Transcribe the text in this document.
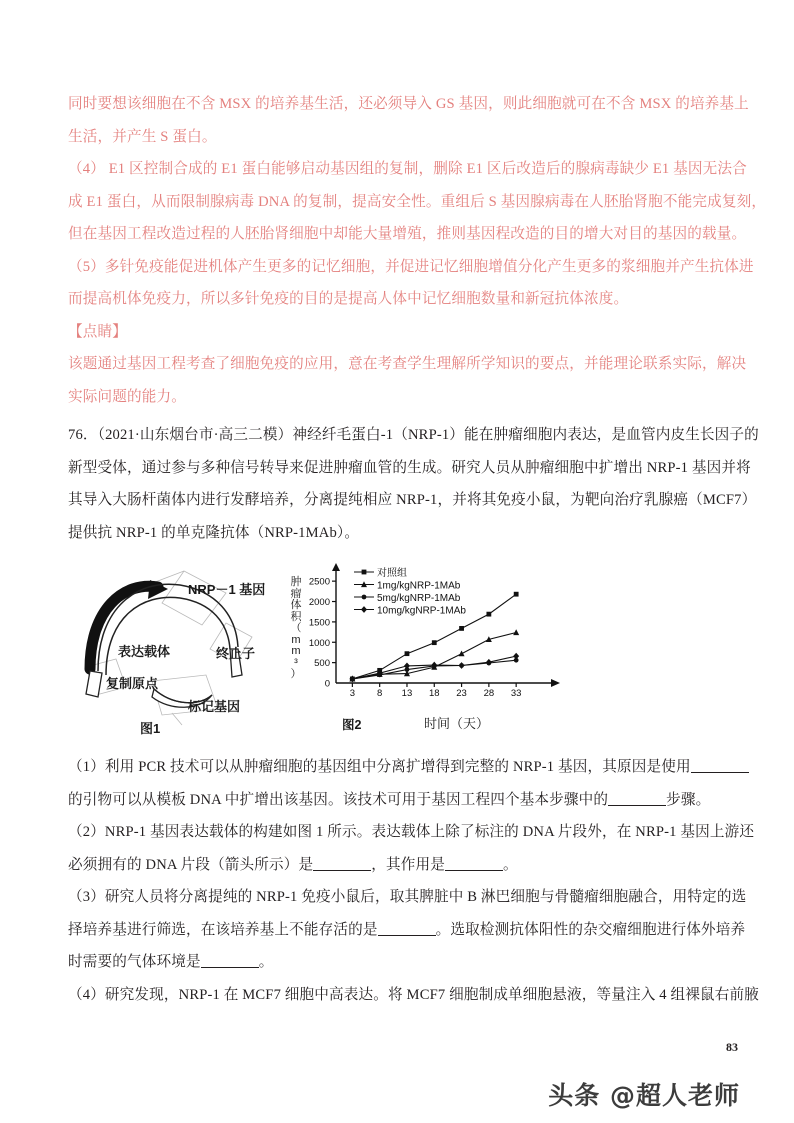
同时要想该细胞在不含 MSX 的培养基生活，还必须导入 GS 基因，则此细胞就可在不含 MSX 的培养基上

生活，并产生 S 蛋白。

（4） E1 区控制合成的 E1 蛋白能够启动基因组的复制，删除 E1 区后改造后的腺病毒缺少 E1 基因无法合

成 E1 蛋白，从而限制腺病毒 DNA 的复制，提高安全性。重组后 S 基因腺病毒在人胚胎肾胞不能完成复刻，

但在基因工程改造过程的人胚胎肾细胞中却能大量增殖，推则基因程改造的目的增大对目的基因的载量。

（5）多针免疫能促进机体产生更多的记忆细胞，并促进记忆细胞增值分化产生更多的浆细胞并产生抗体进

而提高机体免疫力，所以多针免疫的目的是提高人体中记忆细胞数量和新冠抗体浓度。

【点睛】

该题通过基因工程考查了细胞免疫的应用，意在考查学生理解所学知识的要点，并能理论联系实际，解决

实际问题的能力。

76．（2021·山东烟台市·高三二模）神经纤毛蛋白-1（NRP-1）能在肿瘤细胞内表达，是血管内皮生长因子的

新型受体，通过参与多种信号转导来促进肿瘤血管的生成。研究人员从肿瘤细胞中扩增出 NRP-1 基因并将

其导入大肠杆菌体内进行发酵培养，分离提纯相应 NRP-1，并将其免疫小鼠，为靶向治疗乳腺癌（MCF7）

提供抗 NRP-1 的单克隆抗体（NRP-1MAb）。

NRP－1 基因
表达载体	终止子
复制原点
标记基因
图1
肿
瘤
体
积
（
m
m
³
）
500
1000
1500
2000
2500
0
3 8 13 18 23 28 33
对照组
1mg/kgNRP-1MAb
5mg/kgNRP-1MAb
10mg/kgNRP-1MAb
图2	时间（天）

（1）利用 PCR 技术可以从肿瘤细胞的基因组中分离扩增得到完整的 NRP-1 基因，其原因是使用

的引物可以从模板 DNA 中扩增出该基因。该技术可用于基因工程四个基本步骤中的	步骤。

（2）NRP-1 基因表达载体的构建如图 1 所示。表达载体上除了标注的 DNA 片段外，在 NRP-1 基因上游还

必须拥有的 DNA 片段（箭头所示）是	，其作用是	。

（3）研究人员将分离提纯的 NRP-1 免疫小鼠后，取其脾脏中 B 淋巴细胞与骨髓瘤细胞融合，用特定的选

择培养基进行筛选，在该培养基上不能存活的是	。选取检测抗体阳性的杂交瘤细胞进行体外培养

时需要的气体环境是	。

（4）研究发现，NRP-1 在 MCF7 细胞中高表达。将 MCF7 细胞制成单细胞悬液，等量注入 4 组裸鼠右前腋

83
头条 @超人老师
